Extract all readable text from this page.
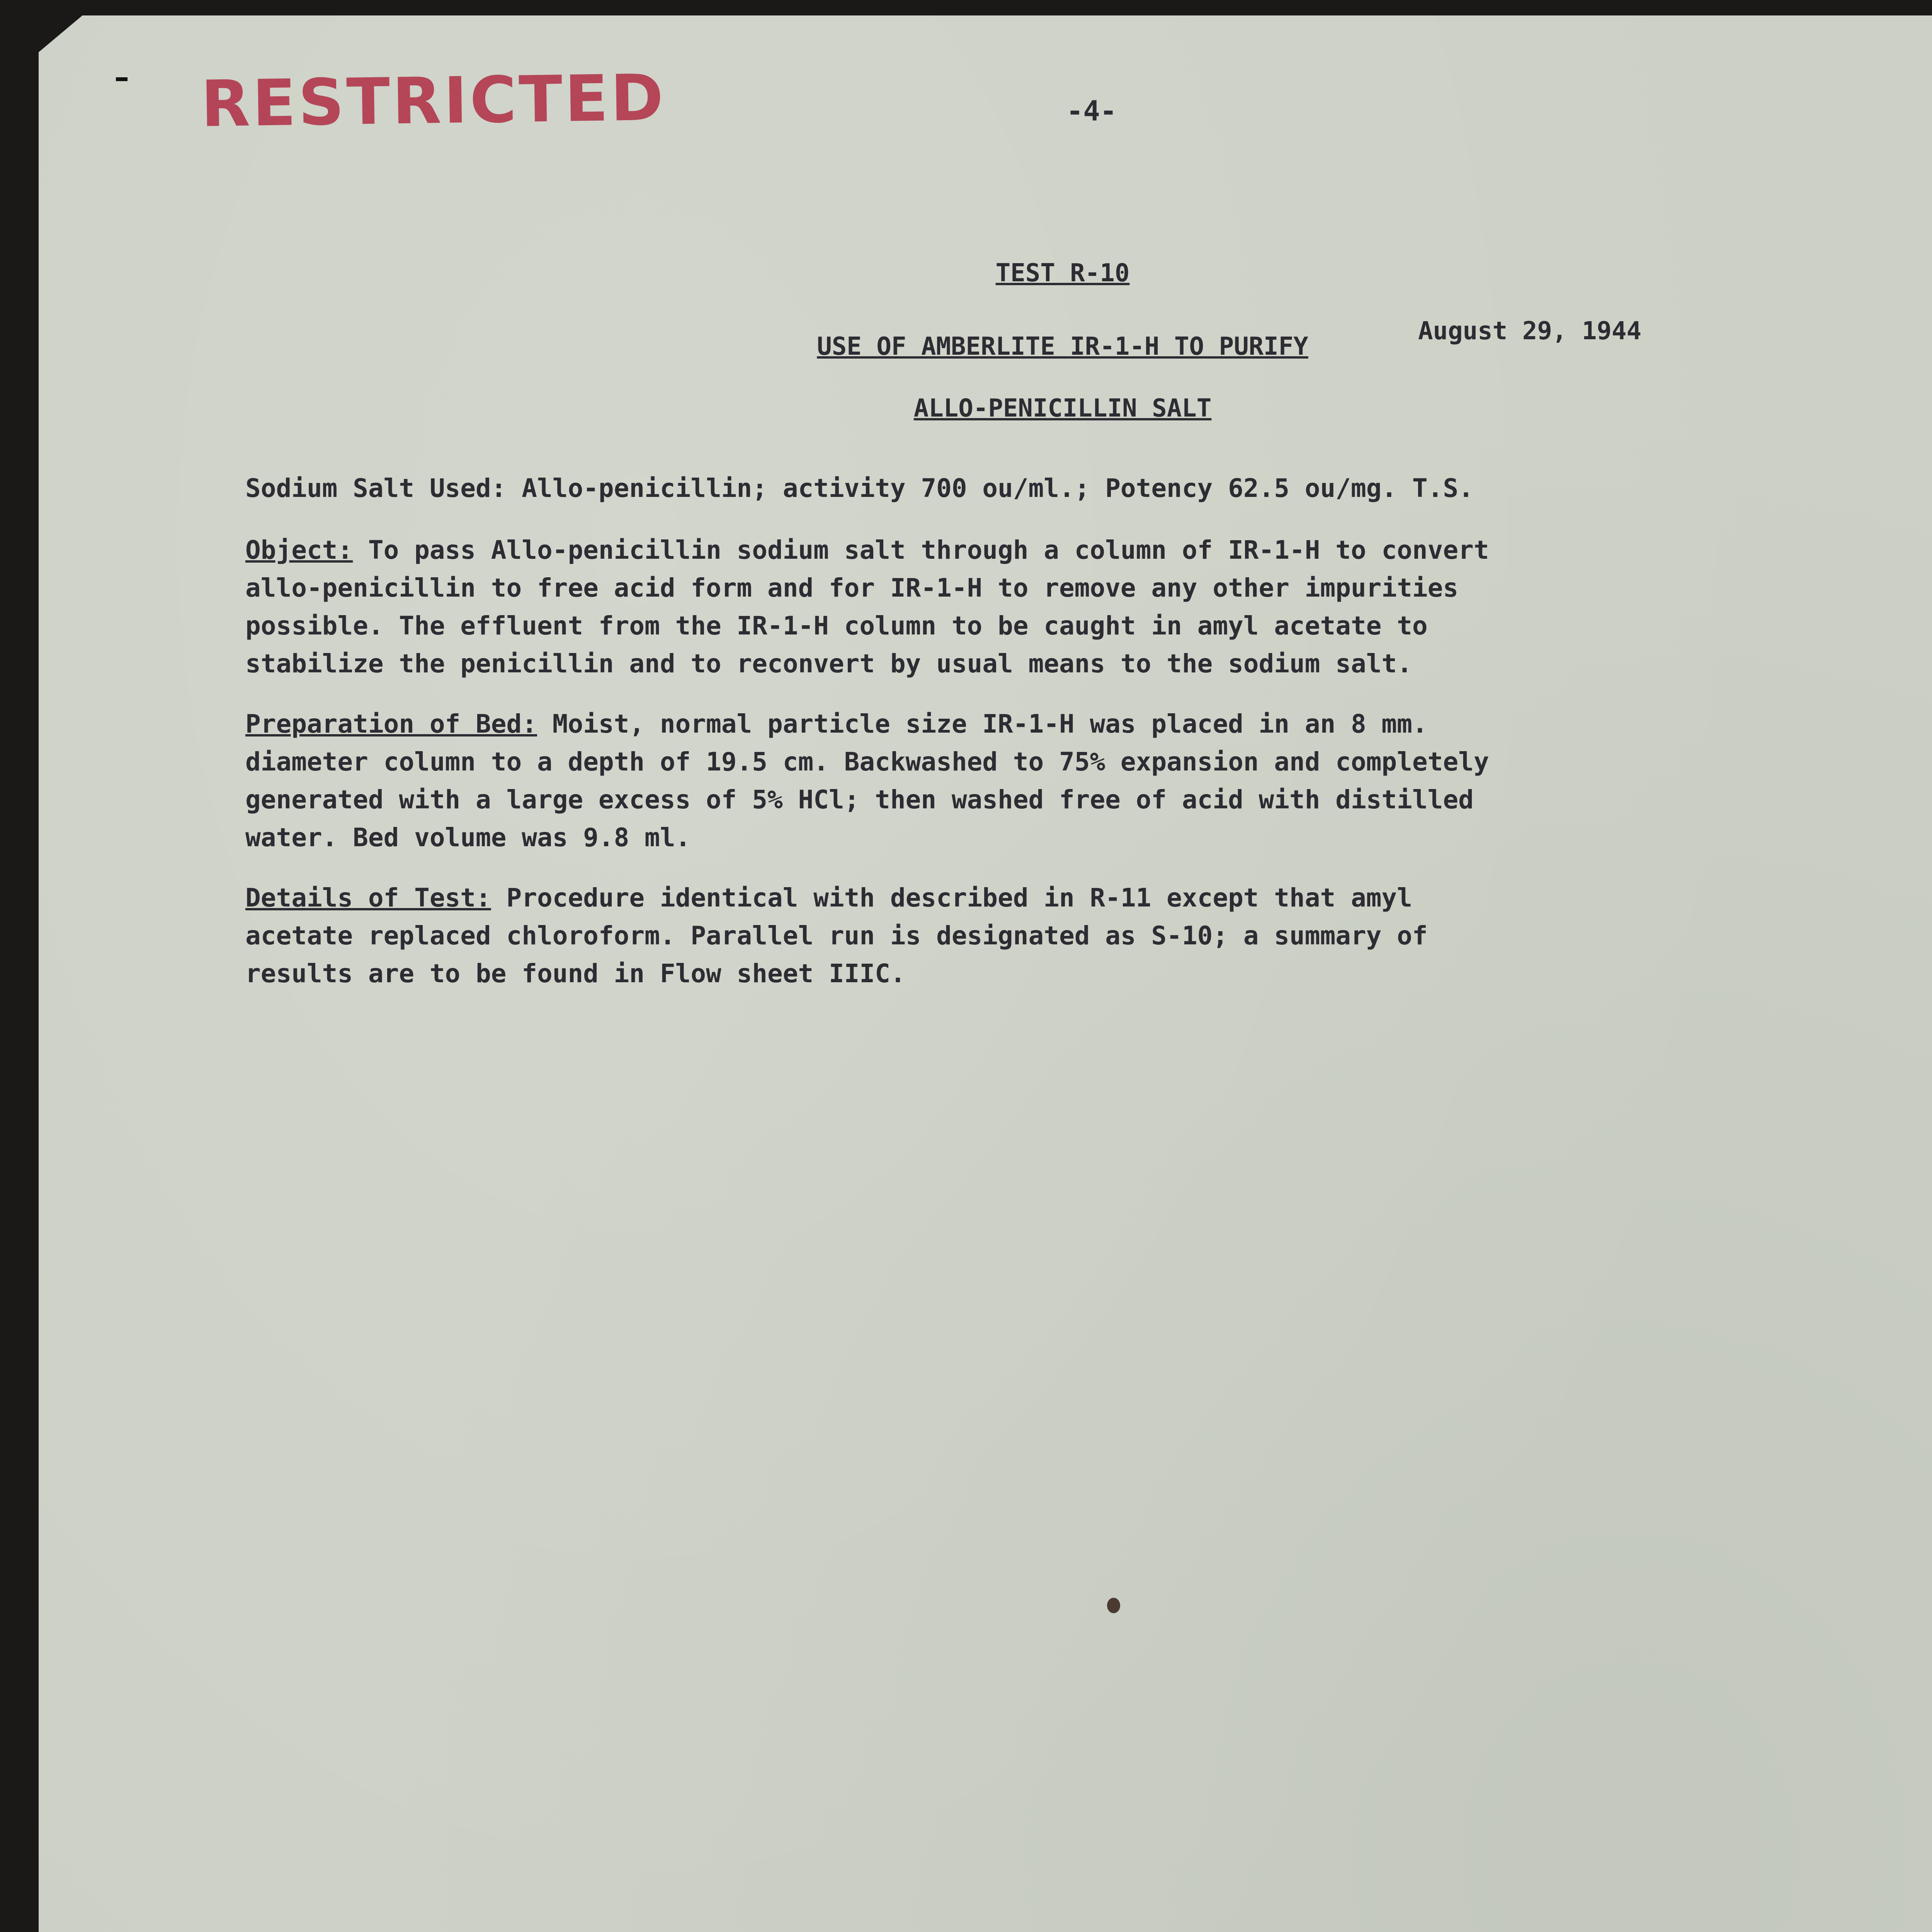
RESTRICTED	-4-
TEST R-10
USE OF AMBERLITE IR-1-H TO PURIFY
ALLO-PENICILLIN SALT
August 29, 1944
Sodium Salt Used: Allo-penicillin; activity 700 ou/ml.; Potency 62.5 ou/mg. T.S.
Object: To pass Allo-penicillin sodium salt through a column of IR-1-H to convert
allo-penicillin to free acid form and for IR-1-H to remove any other impurities
possible. The effluent from the IR-1-H column to be caught in amyl acetate to
stabilize the penicillin and to reconvert by usual means to the sodium salt.
Preparation of Bed: Moist, normal particle size IR-1-H was placed in an 8 mm.
diameter column to a depth of 19.5 cm. Backwashed to 75% expansion and completely
generated with a large excess of 5% HCl; then washed free of acid with distilled
water. Bed volume was 9.8 ml.
Details of Test: Procedure identical with described in R-11 except that amyl
acetate replaced chloroform. Parallel run is designated as S-10; a summary of
results are to be found in Flow sheet IIIC.
